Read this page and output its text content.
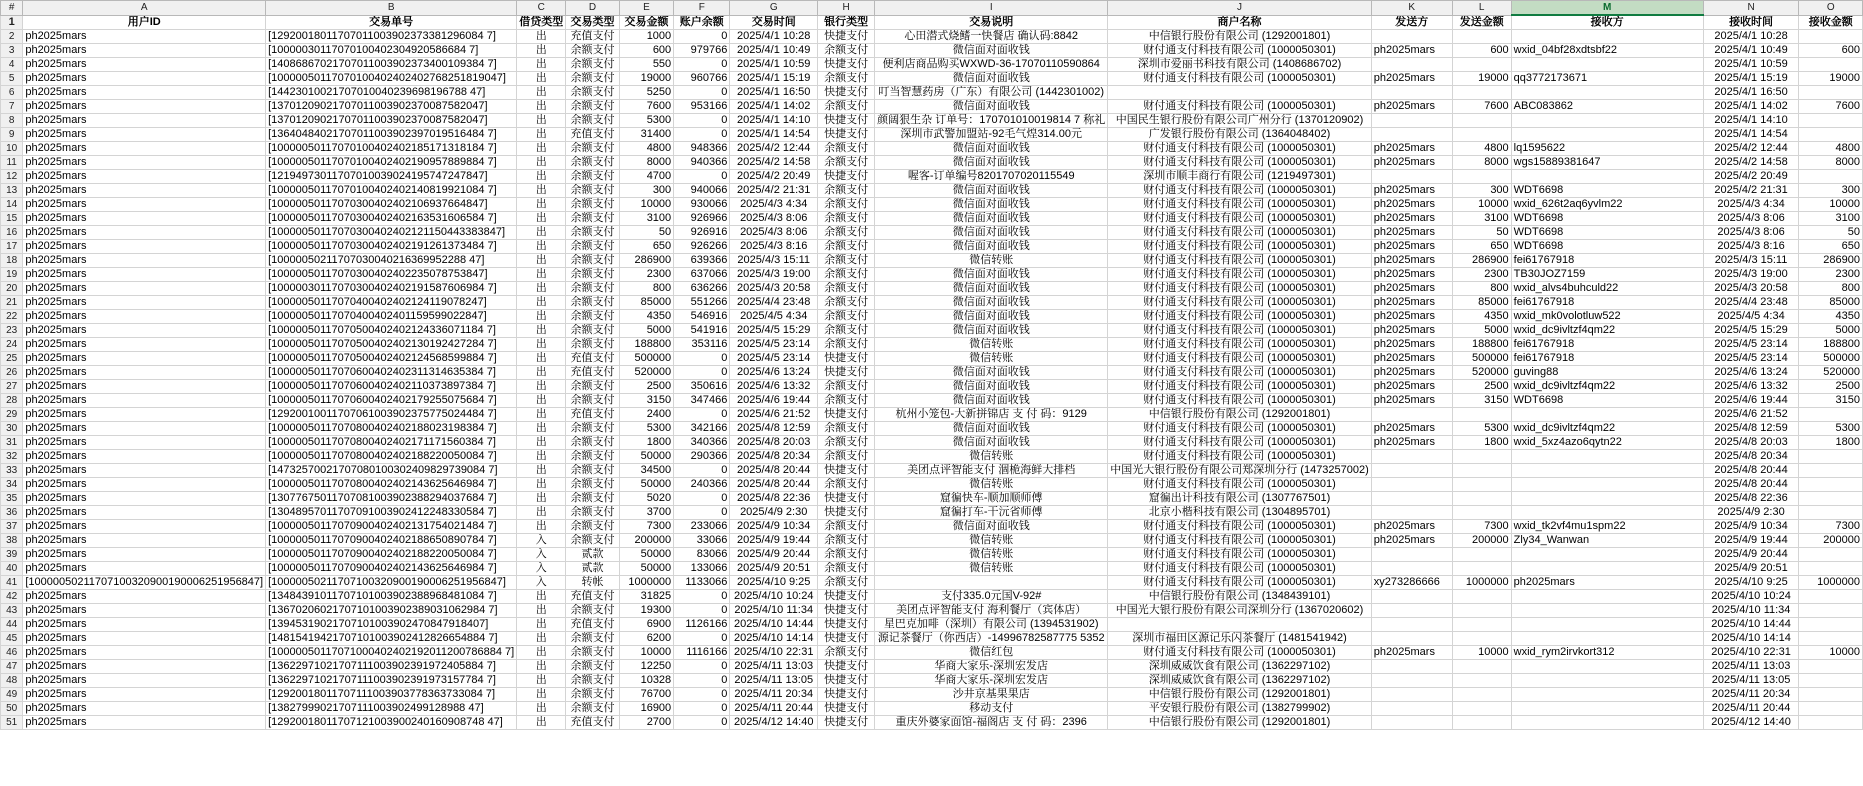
#	A	B	C	D	E	F	G	H	I	J	K	L	M	N	O
1	用户ID	交易单号	借贷类型	交易类型	交易金额	账户余额	交易时间	银行类型	交易说明	商户名称	发送方	发送金额	接收方	接收时间	接收金额
2	ph2025mars	[12920018011707011003902373381296084 7]	出	充值支付	1000	0	2025/4/1 10:28	快捷支付	心田潜式烧鳍一快餐店 确认码:8842	中信银行股份有限公司 (1292001801)				2025/4/1 10:28	
3	ph2025mars	[10000030117070100402304920586684 7]	出	余额支付	600	979766	2025/4/1 10:49	余额支付	微信面对面收钱	财付通支付科技有限公司 (1000050301)	ph2025mars	600	wxid_04bf28xdtsbf22	2025/4/1 10:49	600
4	ph2025mars	[14086867021707011003902373400109384 7]	出	余额支付	550	0	2025/4/1 10:59	快捷支付	便利店商品购买WXWD-36-17070110590864	深圳市爱丽书科技有限公司 (1408686702)				2025/4/1 10:59	
5	ph2025mars	[10000050117070100402402402768251819047]	出	余额支付	19000	960766	2025/4/1 15:19	余额支付	微信面对面收钱	财付通支付科技有限公司 (1000050301)	ph2025mars	19000	qq3772173671	2025/4/1 15:19	19000
6	ph2025mars	[14423010021707010040239698196788 47]	出	余额支付	5250	0	2025/4/1 16:50	快捷支付	叮当智慧药房（广东）有限公司 (1442301002)					2025/4/1 16:50	
7	ph2025mars	[13701209021707011003902370087582047]	出	余额支付	7600	953166	2025/4/1 14:02	余额支付	微信面对面收钱	财付通支付科技有限公司 (1000050301)	ph2025mars	7600	ABC083862	2025/4/1 14:02	7600
8	ph2025mars	[13701209021707011003902370087582047]	出	余额支付	5300	0	2025/4/1 14:10	快捷支付	颜阔狠生杂 订单号：170701010019814 7 称礼	中国民生银行股份有限公司广州分行 (1370120902)				2025/4/1 14:10	
9	ph2025mars	[13640484021707011003902397019516484 7]	出	充值支付	31400	0	2025/4/1 14:54	快捷支付	深圳市武警加盟站-92毛气煌314.00元	广发银行股份有限公司 (1364048402)				2025/4/1 14:54	
10	ph2025mars	[10000050117070100402402185171318184 7]	出	余额支付	4800	948366	2025/4/2 12:44	余额支付	微信面对面收钱	财付通支付科技有限公司 (1000050301)	ph2025mars	4800	lq1595622	2025/4/2 12:44	4800
11	ph2025mars	[10000050117070100402402190957889884 7]	出	余额支付	8000	940366	2025/4/2 14:58	余额支付	微信面对面收钱	财付通支付科技有限公司 (1000050301)	ph2025mars	8000	wgs15889381647	2025/4/2 14:58	8000
12	ph2025mars	[12194973011707010039024195747247847]	出	余额支付	4700	0	2025/4/2 20:49	快捷支付	喔客-订单编号8201707020115549	深圳市顺丰商行有限公司 (1219497301)				2025/4/2 20:49	
13	ph2025mars	[10000050117070100402402140819921084 7]	出	余额支付	300	940066	2025/4/2 21:31	余额支付	微信面对面收钱	财付通支付科技有限公司 (1000050301)	ph2025mars	300	WDT6698	2025/4/2 21:31	300
14	ph2025mars	[10000050117070300402402106937664847]	出	余额支付	10000	930066	2025/4/3 4:34	余额支付	微信面对面收钱	财付通支付科技有限公司 (1000050301)	ph2025mars	10000	wxid_626t2aq6yvlm22	2025/4/3 4:34	10000
15	ph2025mars	[10000050117070300402402163531606584 7]	出	余额支付	3100	926966	2025/4/3 8:06	余额支付	微信面对面收钱	财付通支付科技有限公司 (1000050301)	ph2025mars	3100	WDT6698	2025/4/3 8:06	3100
16	ph2025mars	[10000050117070300402402121150443383847]	出	余额支付	50	926916	2025/4/3 8:06	余额支付	微信面对面收钱	财付通支付科技有限公司 (1000050301)	ph2025mars	50	WDT6698	2025/4/3 8:06	50
17	ph2025mars	[10000050117070300402402191261373484 7]	出	余额支付	650	926266	2025/4/3 8:16	余额支付	微信面对面收钱	财付通支付科技有限公司 (1000050301)	ph2025mars	650	WDT6698	2025/4/3 8:16	650
18	ph2025mars	[10000050211707030040216369952288 47]	出	余额支付	286900	639366	2025/4/3 15:11	余额支付	微信转账	财付通支付科技有限公司 (1000050301)	ph2025mars	286900	fei61767918	2025/4/3 15:11	286900
19	ph2025mars	[10000050117070300402402235078753847]	出	余额支付	2300	637066	2025/4/3 19:00	余额支付	微信面对面收钱	财付通支付科技有限公司 (1000050301)	ph2025mars	2300	TB30JOZ7159	2025/4/3 19:00	2300
20	ph2025mars	[10000030117070300402402191587606984 7]	出	余额支付	800	636266	2025/4/3 20:58	余额支付	微信面对面收钱	财付通支付科技有限公司 (1000050301)	ph2025mars	800	wxid_alvs4buhculd22	2025/4/3 20:58	800
21	ph2025mars	[10000050117070400402402124119078247]	出	余额支付	85000	551266	2025/4/4 23:48	余额支付	微信面对面收钱	财付通支付科技有限公司 (1000050301)	ph2025mars	85000	fei61767918	2025/4/4 23:48	85000
22	ph2025mars	[10000050117070400402401159599022847]	出	余额支付	4350	546916	2025/4/5 4:34	余额支付	微信面对面收钱	财付通支付科技有限公司 (1000050301)	ph2025mars	4350	wxid_mk0volotluw522	2025/4/5 4:34	4350
23	ph2025mars	[10000050117070500402402124336071184 7]	出	余额支付	5000	541916	2025/4/5 15:29	余额支付	微信面对面收钱	财付通支付科技有限公司 (1000050301)	ph2025mars	5000	wxid_dc9ivltzf4qm22	2025/4/5 15:29	5000
24	ph2025mars	[10000050117070500402402130192427284 7]	出	余额支付	188800	353116	2025/4/5 23:14	余额支付	微信转账	财付通支付科技有限公司 (1000050301)	ph2025mars	188800	fei61767918	2025/4/5 23:14	188800
25	ph2025mars	[10000050117070500402402124568599884 7]	出	充值支付	500000	0	2025/4/5 23:14	快捷支付	微信转账	财付通支付科技有限公司 (1000050301)	ph2025mars	500000	fei61767918	2025/4/5 23:14	500000
26	ph2025mars	[10000050117070600402402311314635384 7]	出	充值支付	520000	0	2025/4/6 13:24	快捷支付	微信面对面收钱	财付通支付科技有限公司 (1000050301)	ph2025mars	520000	guving88	2025/4/6 13:24	520000
27	ph2025mars	[10000050117070600402402110373897384 7]	出	余额支付	2500	350616	2025/4/6 13:32	余额支付	微信面对面收钱	财付通支付科技有限公司 (1000050301)	ph2025mars	2500	wxid_dc9ivltzf4qm22	2025/4/6 13:32	2500
28	ph2025mars	[10000050117070600402402179255075684 7]	出	余额支付	3150	347466	2025/4/6 19:44	余额支付	微信面对面收钱	财付通支付科技有限公司 (1000050301)	ph2025mars	3150	WDT6698	2025/4/6 19:44	3150
29	ph2025mars	[12920010011707061003902375775024484 7]	出	充值支付	2400	0	2025/4/6 21:52	快捷支付	杭州小笼包-大新拼锦店 支 付 码：9129	中信银行股份有限公司 (1292001801)				2025/4/6 21:52	
30	ph2025mars	[10000050117070800402402188023198384 7]	出	余额支付	5300	342166	2025/4/8 12:59	余额支付	微信面对面收钱	财付通支付科技有限公司 (1000050301)	ph2025mars	5300	wxid_dc9ivltzf4qm22	2025/4/8 12:59	5300
31	ph2025mars	[10000050117070800402402171171560384 7]	出	余额支付	1800	340366	2025/4/8 20:03	余额支付	微信面对面收钱	财付通支付科技有限公司 (1000050301)	ph2025mars	1800	wxid_5xz4azo6qytn22	2025/4/8 20:03	1800
32	ph2025mars	[10000050117070800402402188220050084 7]	出	余额支付	50000	290366	2025/4/8 20:34	余额支付	微信转账	财付通支付科技有限公司 (1000050301)				2025/4/8 20:34	
33	ph2025mars	[14732570021707080100302409829739084 7]	出	余额支付	34500	0	2025/4/8 20:44	快捷支付	美团点评智能支付 涸桅海鲜大排档	中国光大银行股份有限公司郑深圳分行 (1473257002)				2025/4/8 20:44	
34	ph2025mars	[10000050117070800402402143625646984 7]	出	余额支付	50000	240366	2025/4/8 20:44	余额支付	微信转账	财付通支付科技有限公司 (1000050301)				2025/4/8 20:44	
35	ph2025mars	[13077675011707081003902388294037684 7]	出	余额支付	5020	0	2025/4/8 22:36	快捷支付	窟徧快车-顺加顺师傅	窟徧出计科技有限公司 (1307767501)				2025/4/8 22:36	
36	ph2025mars	[13048957011707091003902412248330584 7]	出	余额支付	3700	0	2025/4/9 2:30	快捷支付	窟徧打车-干沅省师傅	北京小楷科技有限公司 (1304895701)				2025/4/9 2:30	
37	ph2025mars	[10000050117070900402402131754021484 7]	出	余额支付	7300	233066	2025/4/9 10:34	余额支付	微信面对面收钱	财付通支付科技有限公司 (1000050301)	ph2025mars	7300	wxid_tk2vf4mu1spm22	2025/4/9 10:34	7300
38	ph2025mars	[10000050117070900402402188650890784 7]	入	余额支付	200000	33066	2025/4/9 19:44	余额支付	微信转账	财付通支付科技有限公司 (1000050301)	ph2025mars	200000	Zly34_Wanwan	2025/4/9 19:44	200000
39	ph2025mars	[10000050117070900402402188220050084 7]	入	贰款	50000	83066	2025/4/9 20:44	余额支付	微信转账	财付通支付科技有限公司 (1000050301)				2025/4/9 20:44	
40	ph2025mars	[10000050117070900402402143625646984 7]	入	贰款	50000	133066	2025/4/9 20:51	余额支付	微信转账	财付通支付科技有限公司 (1000050301)				2025/4/9 20:51	
41	[10000050211707100320900190006251956847]	[10000050211707100320900190006251956847]	入	转帐	1000000	1133066	2025/4/10 9:25	余额支付		财付通支付科技有限公司 (1000050301)	xy273286666	1000000	ph2025mars	2025/4/10 9:25	1000000
42	ph2025mars	[13484391011707101003902388968481084 7]	出	充值支付	31825	0	2025/4/10 10:24	快捷支付	支付335.0元国V-92#	中信银行股份有限公司 (1348439101)				2025/4/10 10:24	
43	ph2025mars	[13670206021707101003902389031062984 7]	出	余额支付	19300	0	2025/4/10 11:34	快捷支付	美团点评智能支付 海利餐厅（宾体店）	中国光大银行股份有限公司深圳分行 (1367020602)				2025/4/10 11:34	
44	ph2025mars	[13945319021707101003902470847918407]	出	充值支付	6900	1126166	2025/4/10 14:44	快捷支付	星巴克加啡（深圳）有限公司 (1394531902)					2025/4/10 14:44	
45	ph2025mars	[14815419421707101003902412826654884 7]	出	余额支付	6200	0	2025/4/10 14:14	快捷支付	源记茶餐厅（你西店）-14996782587775 5352	深圳市福田区源记乐闪茶餐厅 (1481541942)				2025/4/10 14:14	
46	ph2025mars	[10000050117071000402402192011200786884 7]	出	余额支付	10000	1116166	2025/4/10 22:31	余额支付	微信红包	财付通支付科技有限公司 (1000050301)	ph2025mars	10000	wxid_rym2irvkort312	2025/4/10 22:31	10000
47	ph2025mars	[13622971021707111003902391972405884 7]	出	余额支付	12250	0	2025/4/11 13:03	快捷支付	华商大家乐-深圳宏发店	深圳威威饮食有限公司 (1362297102)				2025/4/11 13:03	
48	ph2025mars	[13622971021707111003902391973157784 7]	出	余额支付	10328	0	2025/4/11 13:05	快捷支付	华商大家乐-深圳宏发店	深圳威威饮食有限公司 (1362297102)				2025/4/11 13:05	
49	ph2025mars	[12920018011707111003903778363733084 7]	出	余额支付	76700	0	2025/4/11 20:34	快捷支付	沙井京基果果店	中信银行股份有限公司 (1292001801)				2025/4/11 20:34	
50	ph2025mars	[13827999021707111003902499128988 47]	出	余额支付	16900	0	2025/4/11 20:44	快捷支付	移动支付	平安银行股份有限公司 (1382799902)				2025/4/11 20:44	
51	ph2025mars	[12920018011707121003900240160908748 47]	出	充值支付	2700	0	2025/4/12 14:40	快捷支付	重庆外婆家面馆-福阁店 支 付 码：2396	中信银行股份有限公司 (1292001801)				2025/4/12 14:40	
